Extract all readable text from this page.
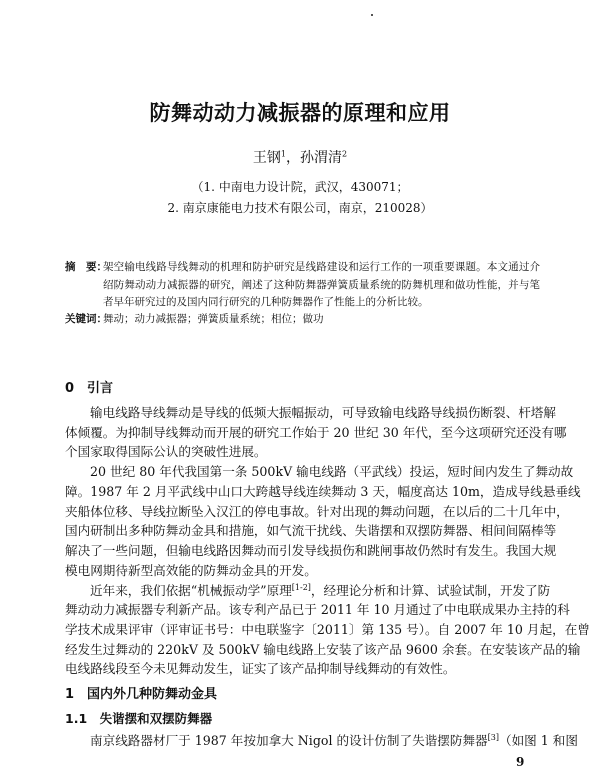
防舞动动力减振器的原理和应用
王钢$^1$，孙渭清$^2$
（1. 中南电力设计院，武汉，430071；
2. 南京康能电力技术有限公司，南京，210028）
摘　要：
架空输电线路导线舞动的机理和防护研究是线路建设和运行工作的一项重要课题。本文通过介
绍防舞动动力减振器的研究，阐述了这种防舞器弹簧质量系统的防舞机理和做功性能，并与笔
者早年研究过的及国内同行研究的几种防舞器作了性能上的分析比较。
关键词：
舞动；动力减振器；弹簧质量系统；相位；做功
0　引言
输电线路导线舞动是导线的低频大振幅振动，可导致输电线路导线损伤断裂、杆塔解
体倾覆。为抑制导线舞动而开展的研究工作始于 20 世纪 30 年代，至今这项研究还没有哪
个国家取得国际公认的突破性进展。
20 世纪 80 年代我国第一条 500kV 输电线路（平武线）投运，短时间内发生了舞动故
障。1987 年 2 月平武线中山口大跨越导线连续舞动 3 天，幅度高达 10m，造成导线悬垂线
夹船体位移、导线拉断坠入汉江的停电事故。针对出现的舞动问题，在以后的二十几年中，
国内研制出多种防舞动金具和措施，如气流干扰线、失谐摆和双摆防舞器、相间间隔棒等
解决了一些问题，但输电线路因舞动而引发导线损伤和跳闸事故仍然时有发生。我国大规
模电网期待新型高效能的防舞动金具的开发。
近年来，我们依据“机械振动学”原理[1-2]，经理论分析和计算、试验试制，开发了防
舞动动力减振器专利新产品。该专利产品已于 2011 年 10 月通过了中电联成果办主持的科
学技术成果评审（评审证书号：中电联鉴字〔2011〕第 135 号）。自 2007 年 10 月起，在曾
经发生过舞动的 220kV 及 500kV 输电线路上安装了该产品 9600 余套。在安装该产品的输
电线路线段至今未见舞动发生，证实了该产品抑制导线舞动的有效性。
1　国内外几种防舞动金具
1.1　失谐摆和双摆防舞器
南京线路器材厂于 1987 年按加拿大 Nigol 的设计仿制了失谐摆防舞器[3]（如图 1 和图
9
